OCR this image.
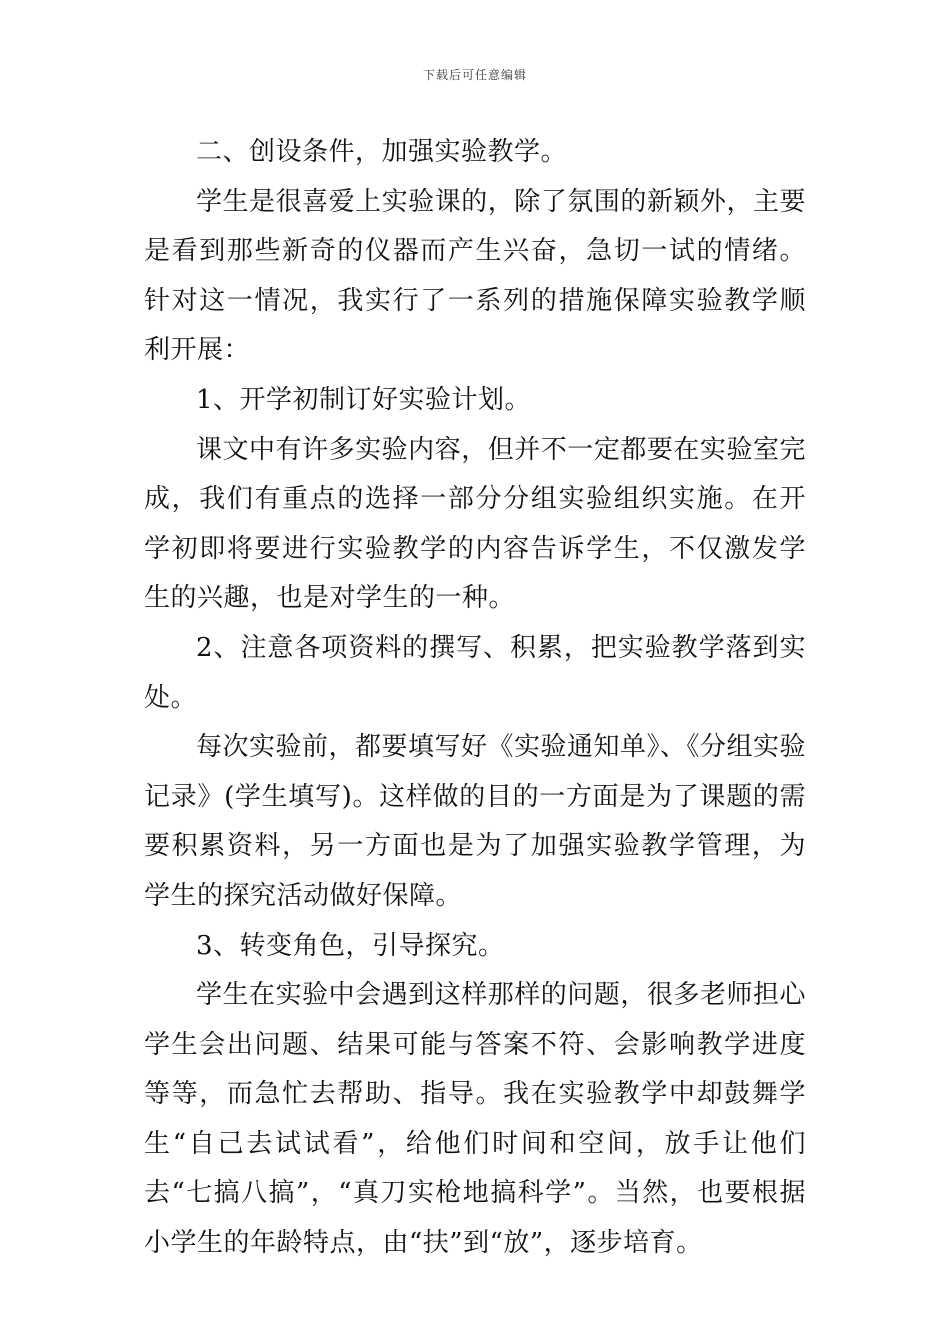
下载后可任意编辑

二、创设条件，加强实验教学。

学生是很喜爱上实验课的，除了氛围的新颖外，主要是看到那些新奇的仪器而产生兴奋，急切一试的情绪。针对这一情况，我实行了一系列的措施保障实验教学顺利开展：

1、开学初制订好实验计划。

课文中有许多实验内容，但并不一定都要在实验室完成，我们有重点的选择一部分分组实验组织实施。在开学初即将要进行实验教学的内容告诉学生，不仅激发学生的兴趣，也是对学生的一种。

2、注意各项资料的撰写、积累，把实验教学落到实处。

每次实验前，都要填写好《实验通知单》、《分组实验记录》(学生填写)。这样做的目的一方面是为了课题的需要积累资料，另一方面也是为了加强实验教学管理，为学生的探究活动做好保障。

3、转变角色，引导探究。

学生在实验中会遇到这样那样的问题，很多老师担心学生会出问题、结果可能与答案不符、会影响教学进度等等，而急忙去帮助、指导。我在实验教学中却鼓舞学生“自己去试试看”，给他们时间和空间，放手让他们去“七搞八搞”，“真刀实枪地搞科学”。当然，也要根据小学生的年龄特点，由“扶”到“放”，逐步培育。
